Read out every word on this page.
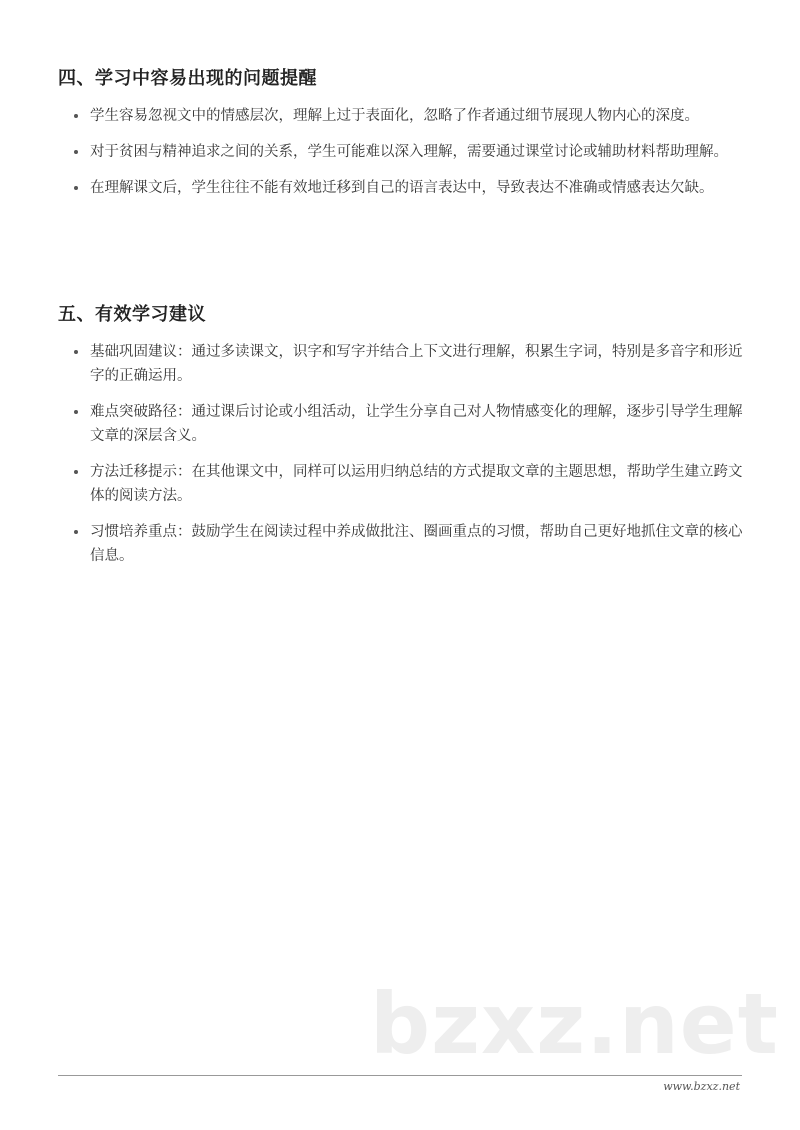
四、学习中容易出现的问题提醒
学生容易忽视文中的情感层次，理解上过于表面化，忽略了作者通过细节展现人物内心的深度。
对于贫困与精神追求之间的关系，学生可能难以深入理解，需要通过课堂讨论或辅助材料帮助理解。
在理解课文后，学生往往不能有效地迁移到自己的语言表达中，导致表达不准确或情感表达欠缺。
五、有效学习建议
基础巩固建议：通过多读课文，识字和写字并结合上下文进行理解，积累生字词，特别是多音字和形近字的正确运用。
难点突破路径：通过课后讨论或小组活动，让学生分享自己对人物情感变化的理解，逐步引导学生理解文章的深层含义。
方法迁移提示：在其他课文中，同样可以运用归纳总结的方式提取文章的主题思想，帮助学生建立跨文体的阅读方法。
习惯培养重点：鼓励学生在阅读过程中养成做批注、圈画重点的习惯，帮助自己更好地抓住文章的核心信息。
bzxz.net
www.bzxz.net
